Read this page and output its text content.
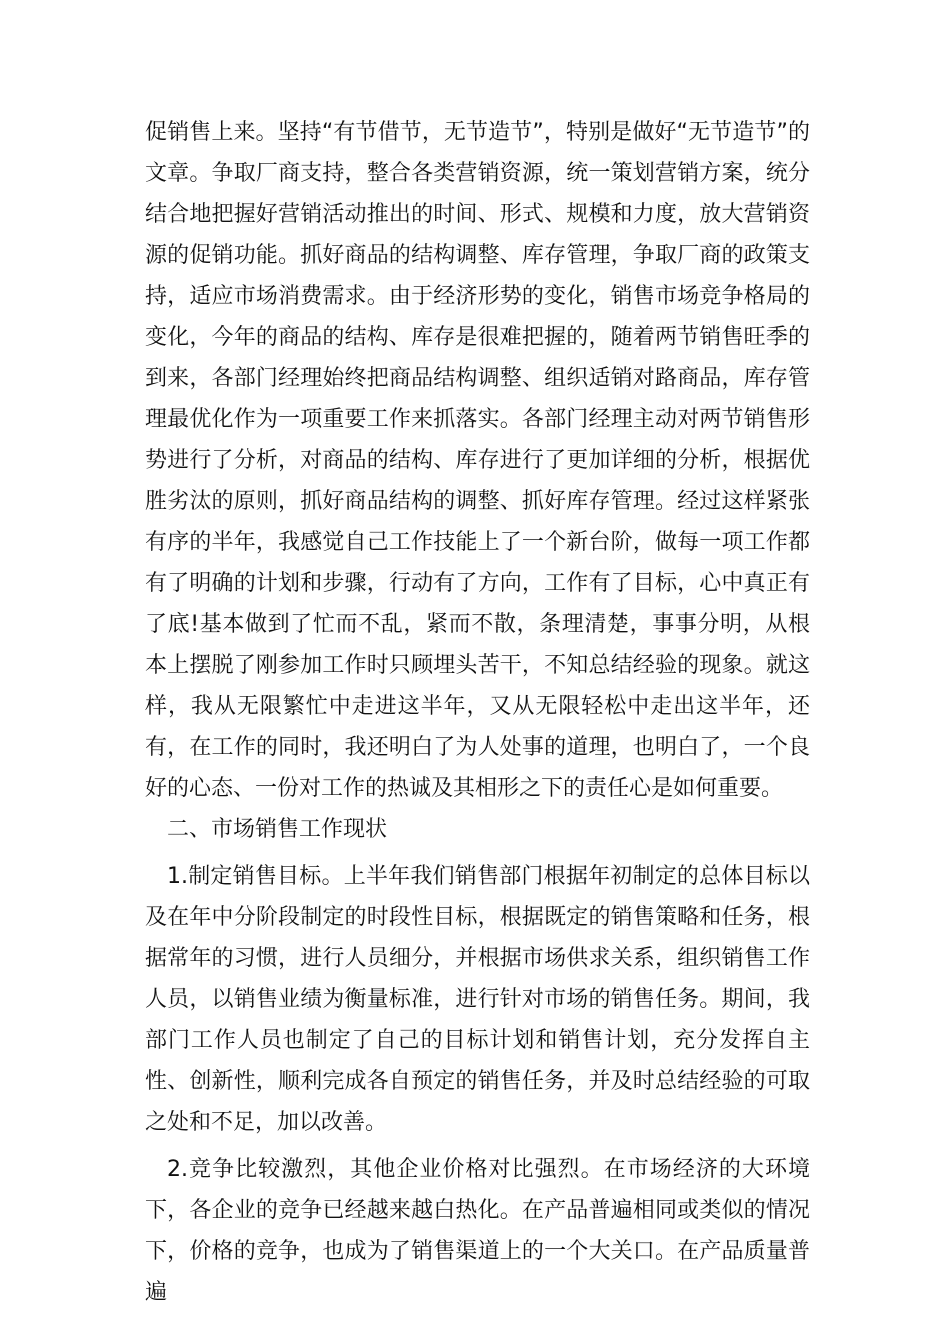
促销售上来。坚持“有节借节，无节造节”，特别是做好“无节造节”的文章。争取厂商支持，整合各类营销资源，统一策划营销方案，统分结合地把握好营销活动推出的时间、形式、规模和力度，放大营销资源的促销功能。抓好商品的结构调整、库存管理，争取厂商的政策支持，适应市场消费需求。由于经济形势的变化，销售市场竞争格局的变化，今年的商品的结构、库存是很难把握的，随着两节销售旺季的到来，各部门经理始终把商品结构调整、组织适销对路商品，库存管理最优化作为一项重要工作来抓落实。各部门经理主动对两节销售形势进行了分析，对商品的结构、库存进行了更加详细的分析，根据优胜劣汰的原则，抓好商品结构的调整、抓好库存管理。经过这样紧张有序的半年，我感觉自己工作技能上了一个新台阶，做每一项工作都有了明确的计划和步骤，行动有了方向，工作有了目标，心中真正有了底!基本做到了忙而不乱，紧而不散，条理清楚，事事分明，从根本上摆脱了刚参加工作时只顾埋头苦干，不知总结经验的现象。就这样，我从无限繁忙中走进这半年，又从无限轻松中走出这半年，还有，在工作的同时，我还明白了为人处事的道理，也明白了，一个良好的心态、一份对工作的热诚及其相形之下的责任心是如何重要。

二、市场销售工作现状

1.制定销售目标。上半年我们销售部门根据年初制定的总体目标以及在年中分阶段制定的时段性目标，根据既定的销售策略和任务，根据常年的习惯，进行人员细分，并根据市场供求关系，组织销售工作人员，以销售业绩为衡量标准，进行针对市场的销售任务。期间，我部门工作人员也制定了自己的目标计划和销售计划，充分发挥自主性、创新性，顺利完成各自预定的销售任务，并及时总结经验的可取之处和不足，加以改善。

2.竞争比较激烈，其他企业价格对比强烈。在市场经济的大环境下，各企业的竞争已经越来越白热化。在产品普遍相同或类似的情况下，价格的竞争，也成为了销售渠道上的一个大关口。在产品质量普遍
